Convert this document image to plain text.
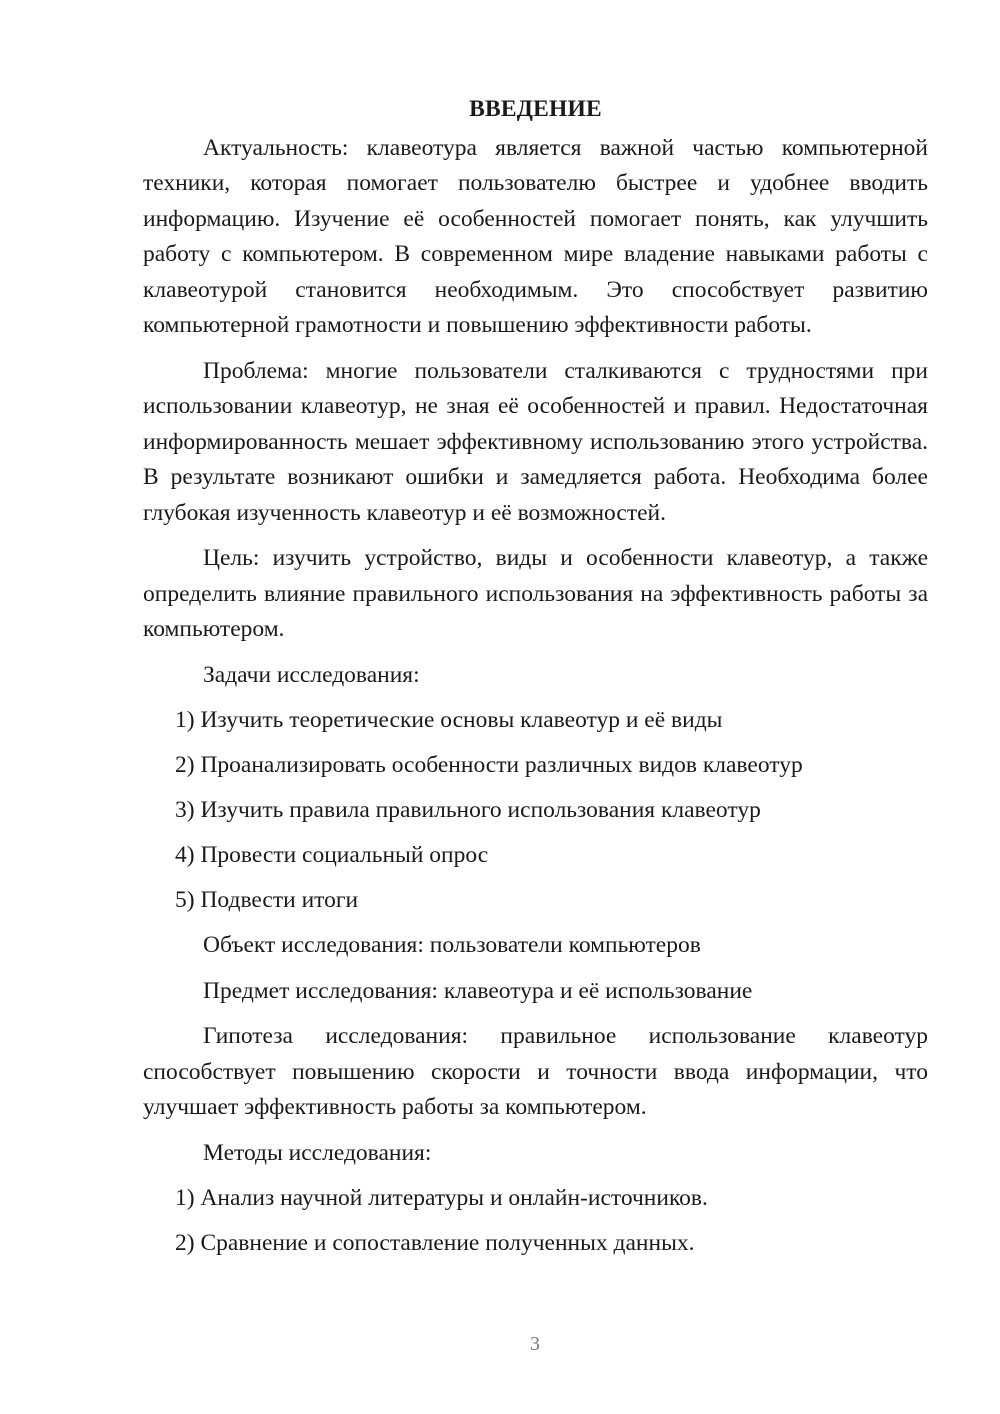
ВВЕДЕНИЕ

Актуальность: клавеотура является важной частью компьютерной техники, которая помогает пользователю быстрее и удобнее вводить информацию. Изучение её особенностей помогает понять, как улучшить работу с компьютером. В современном мире владение навыками работы с клавеотурой становится необходимым. Это способствует развитию компьютерной грамотности и повышению эффективности работы.

Проблема: многие пользователи сталкиваются с трудностями при использовании клавеотур, не зная её особенностей и правил. Недостаточная информированность мешает эффективному использованию этого устройства. В результате возникают ошибки и замедляется работа. Необходима более глубокая изученность клавеотур и её возможностей.

Цель: изучить устройство, виды и особенности клавеотур, а также определить влияние правильного использования на эффективность работы за компьютером.

Задачи исследования:

1) Изучить теоретические основы клавеотур и её виды
2) Проанализировать особенности различных видов клавеотур
3) Изучить правила правильного использования клавеотур
4) Провести социальный опрос
5) Подвести итоги

Объект исследования: пользователи компьютеров

Предмет исследования: клавеотура и её использование

Гипотеза исследования: правильное использование клавеотур способствует повышению скорости и точности ввода информации, что улучшает эффективность работы за компьютером.

Методы исследования:

1) Анализ научной литературы и онлайн-источников.
2) Сравнение и сопоставление полученных данных.
3
